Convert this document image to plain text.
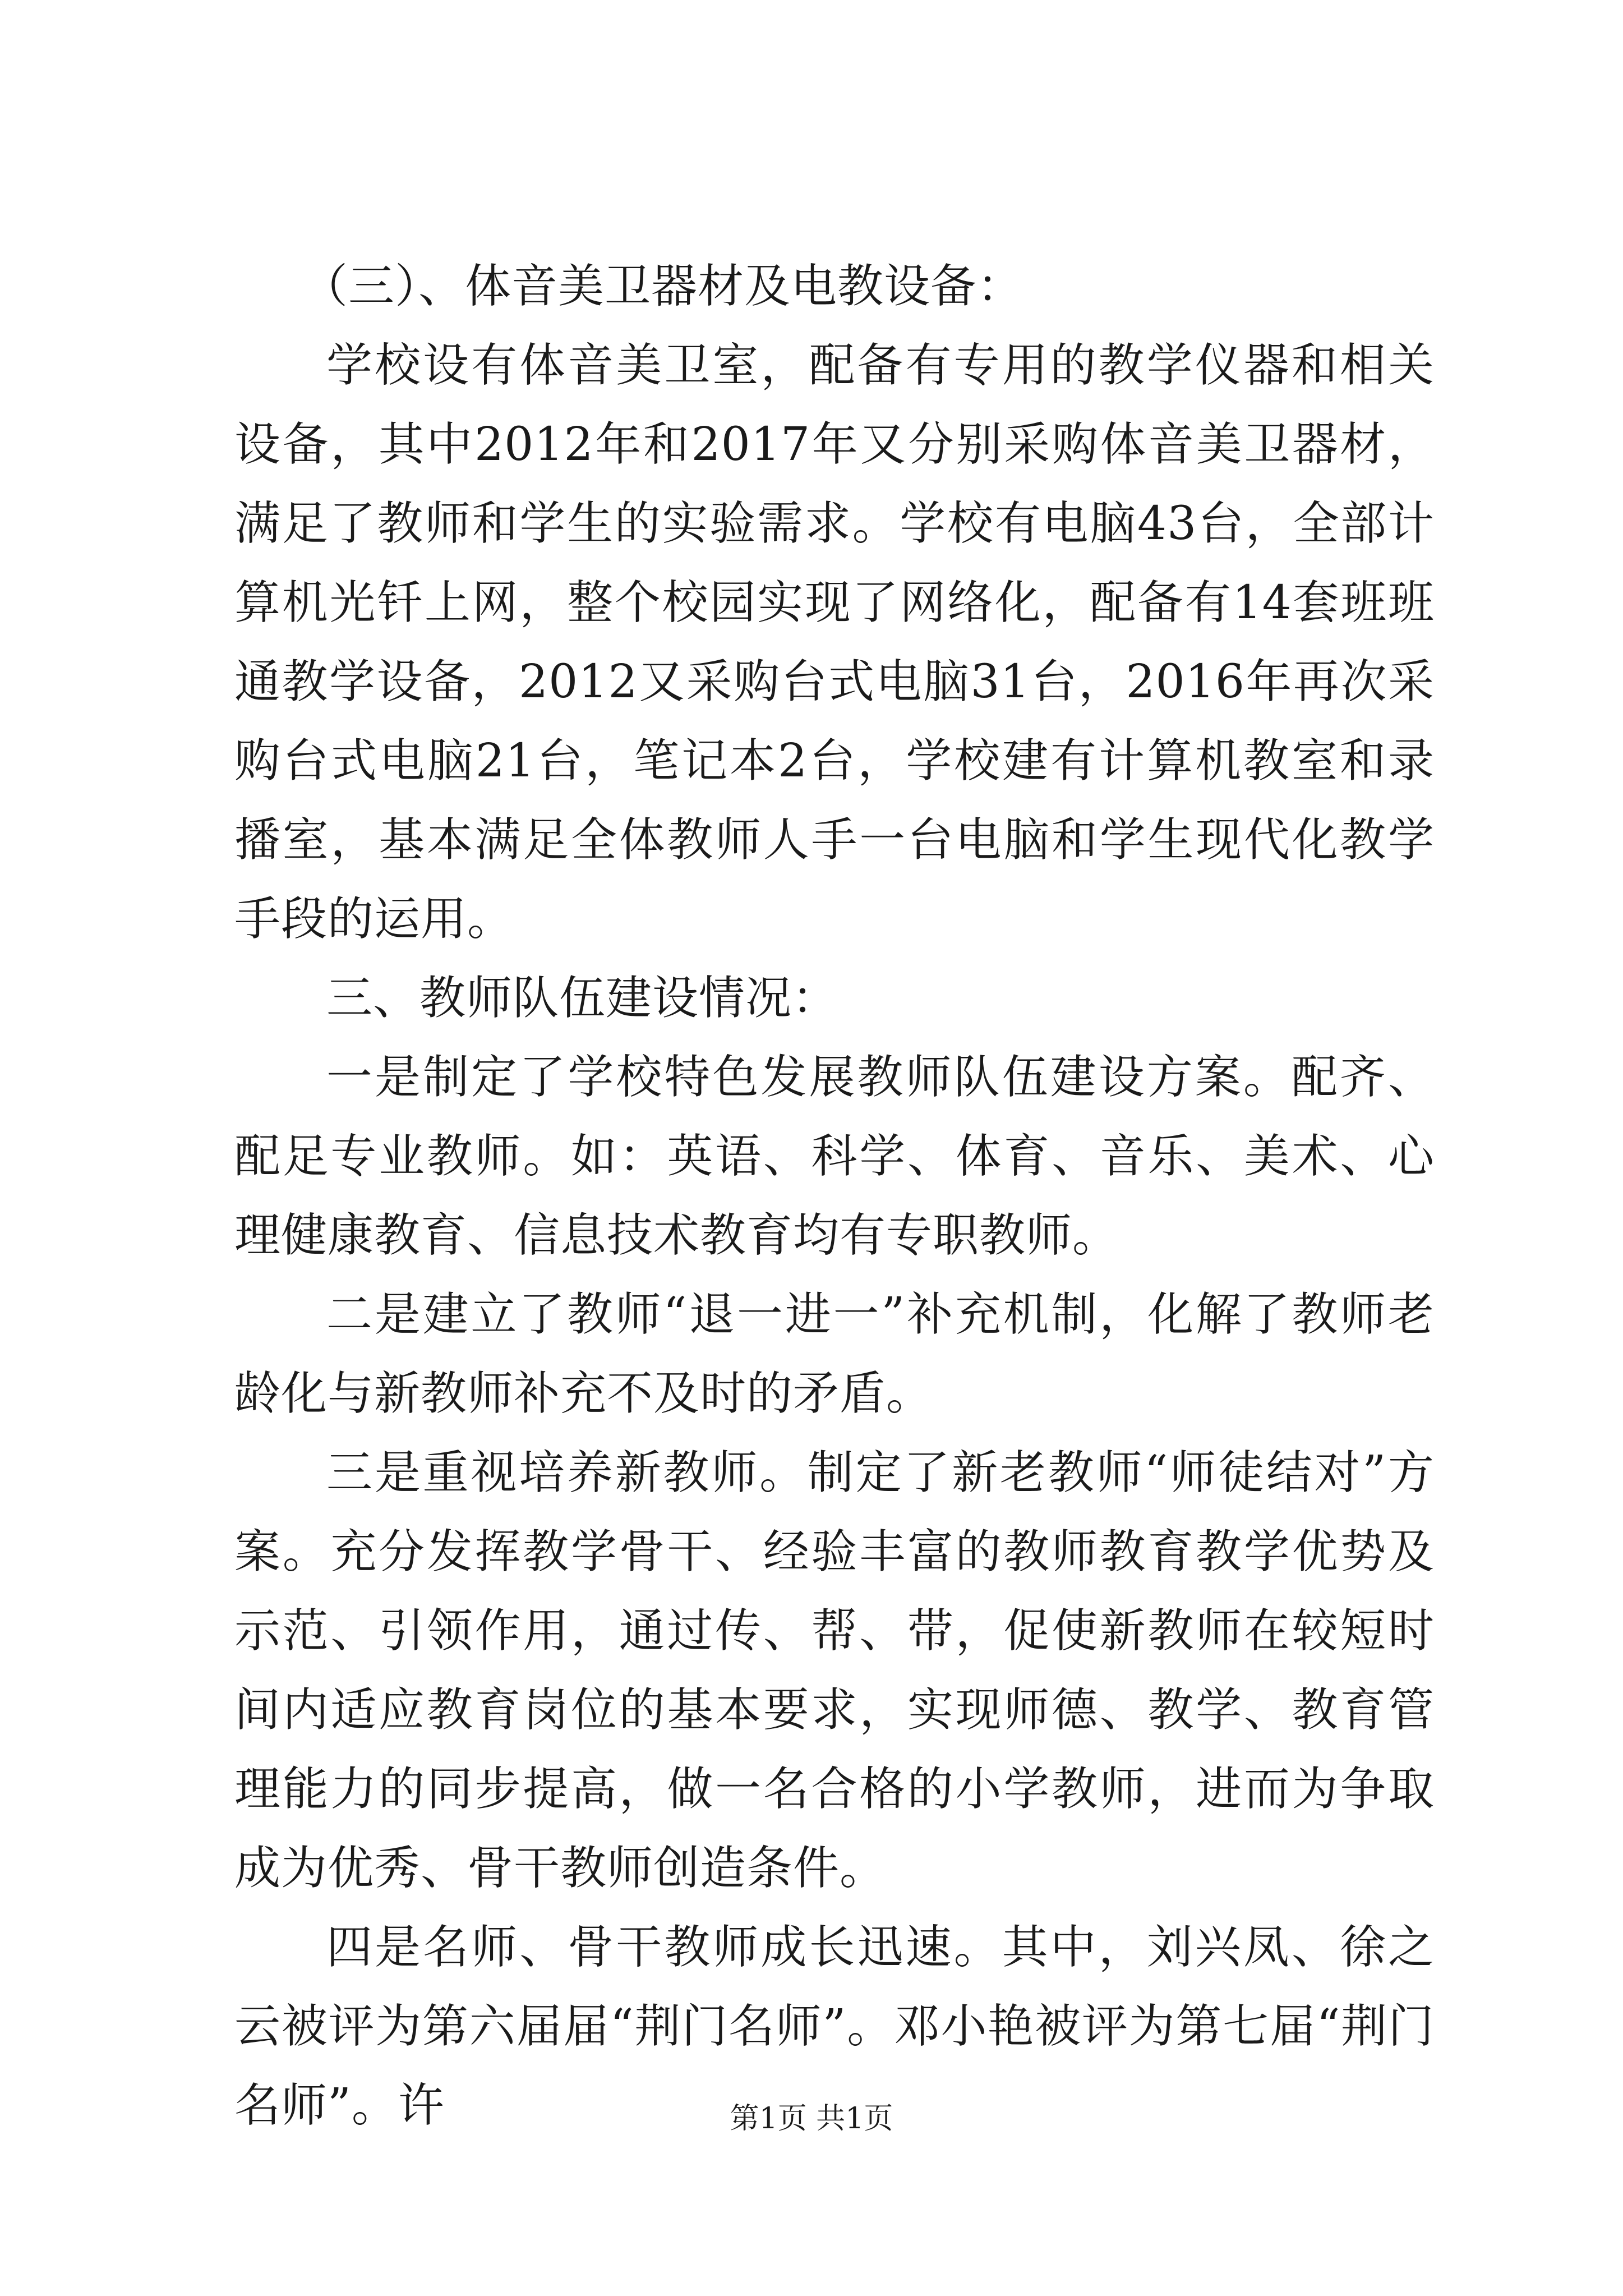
（三）、体音美卫器材及电教设备：

学校设有体音美卫室，配备有专用的教学仪器和相关设备，其中2012年和2017年又分别采购体音美卫器材，满足了教师和学生的实验需求。学校有电脑43台，全部计算机光钎上网，整个校园实现了网络化，配备有14套班班通教学设备，2012又采购台式电脑31台，2016年再次采购台式电脑21台，笔记本2台，学校建有计算机教室和录播室，基本满足全体教师人手一台电脑和学生现代化教学手段的运用。

三、教师队伍建设情况：

一是制定了学校特色发展教师队伍建设方案。配齐、配足专业教师。如：英语、科学、体育、音乐、美术、心理健康教育、信息技术教育均有专职教师。

二是建立了教师“退一进一”补充机制，化解了教师老龄化与新教师补充不及时的矛盾。

三是重视培养新教师。制定了新老教师“师徒结对”方案。充分发挥教学骨干、经验丰富的教师教育教学优势及示范、引领作用，通过传、帮、带，促使新教师在较短时间内适应教育岗位的基本要求，实现师德、教学、教育管理能力的同步提高，做一名合格的小学教师，进而为争取成为优秀、骨干教师创造条件。

四是名师、骨干教师成长迅速。其中，刘兴凤、徐之云被评为第六届届“荆门名师”。邓小艳被评为第七届“荆门名师”。许	第1页 共1页
